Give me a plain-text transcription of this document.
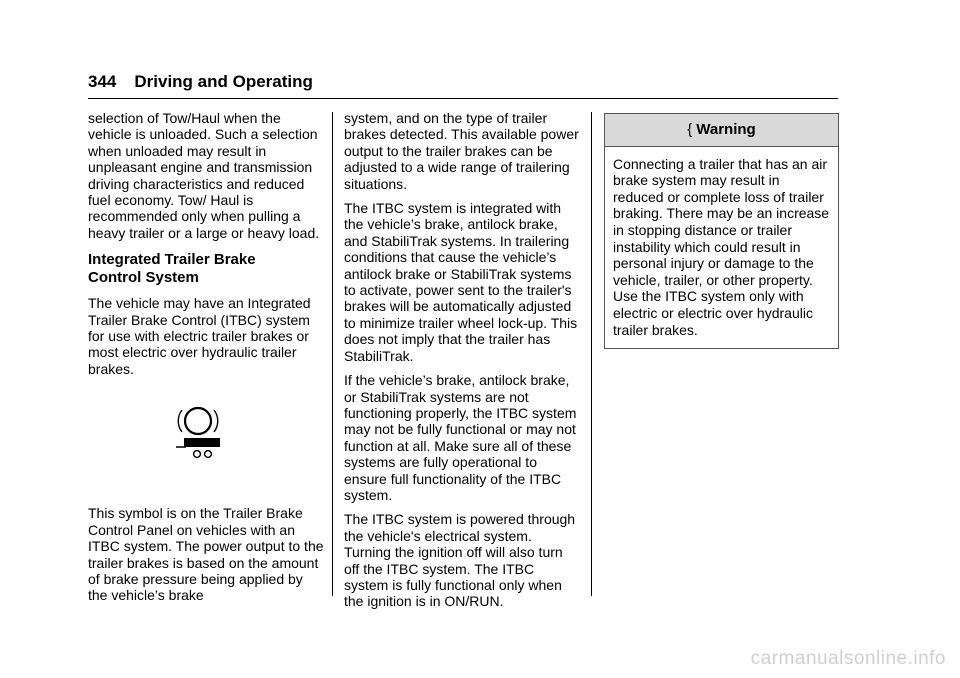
344 Driving and Operating

selection of Tow/Haul when the vehicle is unloaded. Such a selection when unloaded may result in unpleasant engine and transmission driving characteristics and reduced fuel economy. Tow/ Haul is recommended only when pulling a heavy trailer or a large or heavy load.

Integrated Trailer Brake
Control System

The vehicle may have an Integrated Trailer Brake Control (ITBC) system for use with electric trailer brakes or most electric over hydraulic trailer brakes.

This symbol is on the Trailer Brake Control Panel on vehicles with an ITBC system. The power output to the trailer brakes is based on the amount of brake pressure being applied by the vehicle’s brake

system, and on the type of trailer brakes detected. This available power output to the trailer brakes can be adjusted to a wide range of trailering situations.

The ITBC system is integrated with the vehicle’s brake, antilock brake, and StabiliTrak systems. In trailering conditions that cause the vehicle’s antilock brake or StabiliTrak systems to activate, power sent to the trailer's brakes will be automatically adjusted to minimize trailer wheel lock-up. This does not imply that the trailer has StabiliTrak.

If the vehicle’s brake, antilock brake, or StabiliTrak systems are not functioning properly, the ITBC system may not be fully functional or may not function at all. Make sure all of these systems are fully operational to ensure full functionality of the ITBC system.

The ITBC system is powered through the vehicle's electrical system. Turning the ignition off will also turn off the ITBC system. The ITBC system is fully functional only when the ignition is in ON/RUN.

{ Warning
Connecting a trailer that has an air brake system may result in reduced or complete loss of trailer braking. There may be an increase in stopping distance or trailer instability which could result in personal injury or damage to the vehicle, trailer, or other property. Use the ITBC system only with electric or electric over hydraulic trailer brakes.
carmanualsonline.info
